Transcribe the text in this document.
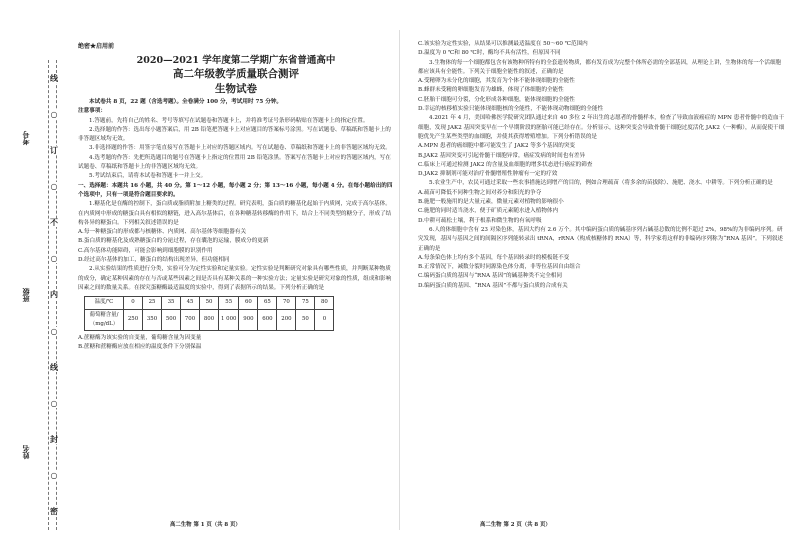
线
○
订
○
不
○
内
○
线
○
封
○
密
考号
班级
姓名
绝密★启用前
2020—2021 学年度第二学期广东省普通高中
高二年级教学质量联合测评
生物试卷

本试卷共 8 页，22 题（含选考题）。全卷满分 100 分，考试用时 75 分钟。

注意事项：

1.答题前，先将自己的姓名、考号等填写在试题卷和答题卡上，并将准考证号条形码粘贴在答题卡上的指定位置。

2.选择题的作答：选出每小题答案后，用 2B 铅笔把答题卡上对应题目的答案标号涂黑。写在试题卷、草稿纸和答题卡上的非答题区域均无效。

3.非选择题的作答：用签字笔直接写在答题卡上对应的答题区域内。写在试题卷、草稿纸和答题卡上的非答题区域均无效。

4.选考题的作答：先把所选题目的题号在答题卡上指定的位置用 2B 铅笔涂黑。答案写在答题卡上对应的答题区域内，写在试题卷、草稿纸和答题卡上的非答题区域均无效。

5.考试结束后，请将本试卷和答题卡一并上交。

一、选择题：本题共 16 小题，共 40 分。第 1～12 小题，每小题 2 分；第 13～16 小题，每小题 4 分。在每小题给出的四个选项中，只有一项是符合题目要求的。

1.糖基化是在酶的控制下，蛋白质或脂质附加上糖类的过程。研究表明，蛋白质的糖基化起始于内质网，完成于高尔基体。在内质网中形成的糖蛋白具有相似的糖链，进入高尔基体后，在各种糖基转移酶的作用下，结合上不同类型的糖分子，形成了结构各异的糖蛋白。下列相关叙述错误的是

A.每一种糖蛋白的形成都与核糖体、内质网、高尔基体等细胞器有关

B.蛋白质的糖基化及成熟糖蛋白的分泌过程，存在囊泡的运输，膜成分的更新

C.高尔基体功能障碍，可能会影响到细胞膜的识别作用

D.经过高尔基体的加工，糖蛋白的结构出现差异，但功能相同

2.从实验结果的性质进行分类，实验可分为定性实验和定量实验。定性实验是判断研究对象具有哪些性质，并判断某种物质的成分，确定某种因素的存在与否或某些因素之间是否具有某种关系的一种实验方法；定量实验是研究对象的性质，组成和影响因素之间的数量关系。在探究蛋糖酶最适温度的实验中，得到了表据所示的结果。下列分析正确的是

温度/℃	0	25	35	45	50	55	60	65	70	75	80
葡萄糖含量/（mg/dL）	250	350	500	700	800	1 000	900	600	200	50	0

A.蔗糖酶为该实验的自变量，葡萄糖含量为因变量

B.蔗糖和蔗糖酶应放在相应的温度条件下分别保温

高二生物 第 1 页（共 8 页）

C.该实验为定性实验，从结果可以推测最适温度在 50～60 ℃范围内

D.温度为 0 ℃和 80 ℃时，酶均不具有活性，但原因不同

3.生物体的每一个细胞都包含有该物种所特有的全套遗传物质，都有发育成为完整个体所必需的全部基因，从理论上讲，生物体的每一个活细胞都应该具有全能性。下列关于细胞全能性的叙述，正确的是

A.受精卵为未分化的细胞，其发育为个体不能体现细胞的全能性

B.蜂群未受精的卵细胞发育为雄蜂，体现了体细胞的全能性

C.胚胎干细胞可分裂，分化形成各种细胞，能体现细胞的全能性

D.幸运的核移植实验只能体现细胞核的全能性，不能体现动物细胞的全能性

4.2021 年 4 月，美国哈佛医学院研究团队通过来自 40 多位 2 年出生的志愿者的骨髓样本，检查了导致血液癌症的 MPN 患者骨髓中的造血干细胞，发现 JAK2 基因突变早在一个早期阶段的胚胎可能已经存在。分析显示，这种突变会导致骨髓干细胞过度活化 JAK2（一种酶），从而促使干细胞优先产生某些类型的血细胞，并使其获得增殖增加。下列分析错误的是

A.MPN 患者的癌细胞中都可能发生了 JAK2 等多个基因的突变

B.JAK2 基因突变可引起骨髓干细胞异常，癌症发病的时间也有差异

C.临床上可通过检测 JAK2 的含量及血细胞的增多状态进行癌症的筛查

D.JAK2 抑制剂可能对治疗骨髓增殖性肿瘤有一定的疗效

5.农业生产中，农民可通过采取一些农事措施达到增产的目的，例如合理疏苗（将多余的苗拔除）、施肥、浇水、中耕等。下列分析正确的是

A.疏苗可降低不同种生物之间对养分和阳光的争夺

B.施肥一般施用的是大量元素，微量元素对植物的影响很小

C.施肥的同时适当浇水，便于矿质元素随水进入植物体内

D.中耕可疏松土壤，利于根系和微生物的有氧呼吸

6.人的体细胞中含有 23 对染色体，基因大约有 2.6 万个。其中编码蛋白质的碱基序列占碱基总数的比例不超过 2%，98%的为非编码序列。研究发现，基因与基因之间的间隔区序列能转录出 tRNA，rRNA（构成核糖体的 RNA）等，科学家将这样的非编码序列称为“RNA 基因”。下列叙述正确的是

A.每条染色体上均有多个基因，每个基因转录时的模板链不变

B.正常情况下，减数分裂时同源染色体分离，非等位基因自由组合

C.编码蛋白质的基因与“RNA 基因”的碱基种类不完全相同

D.编码蛋白质的基因、“RNA 基因”不都与蛋白质的合成有关

高二生物 第 2 页（共 8 页）
